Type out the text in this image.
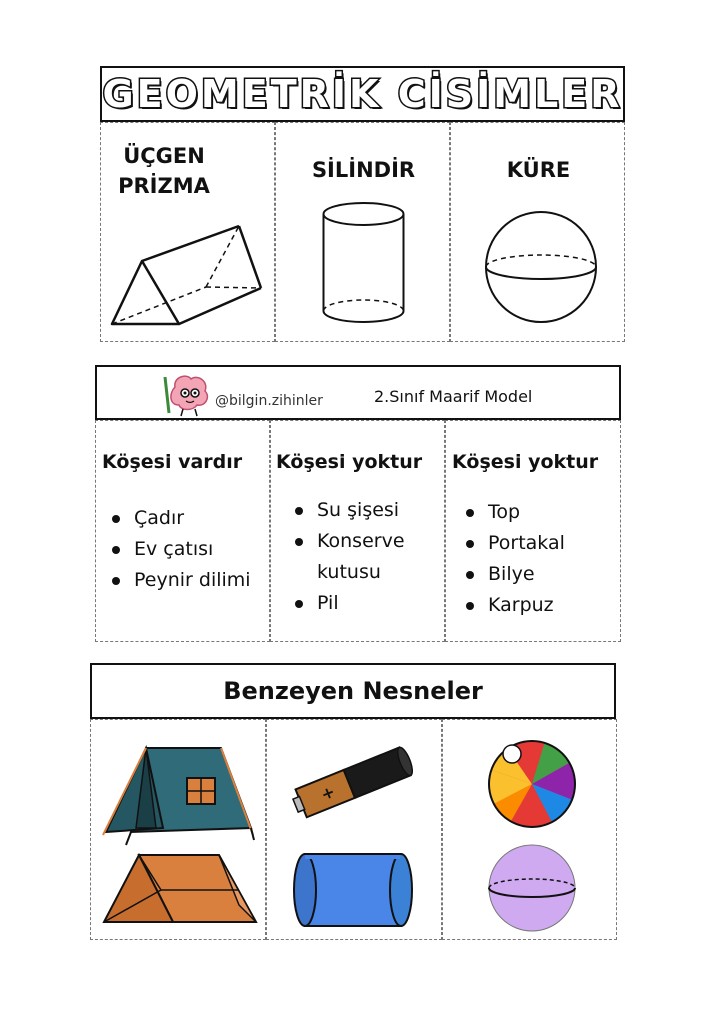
GEOMETRİK CİSİMLER
ÜÇGEN
PRİZMA
SİLİNDİR	KÜRE
@bilgin.zihinler	2.Sınıf Maarif Model
Köşesi vardır
Çadır
Ev çatısı
Peynir dilimi
Köşesi yoktur
Su şişesi
Konserve kutusu
Pil
Köşesi yoktur
Top
Portakal
Bilye
Karpuz
Benzeyen Nesneler
+
